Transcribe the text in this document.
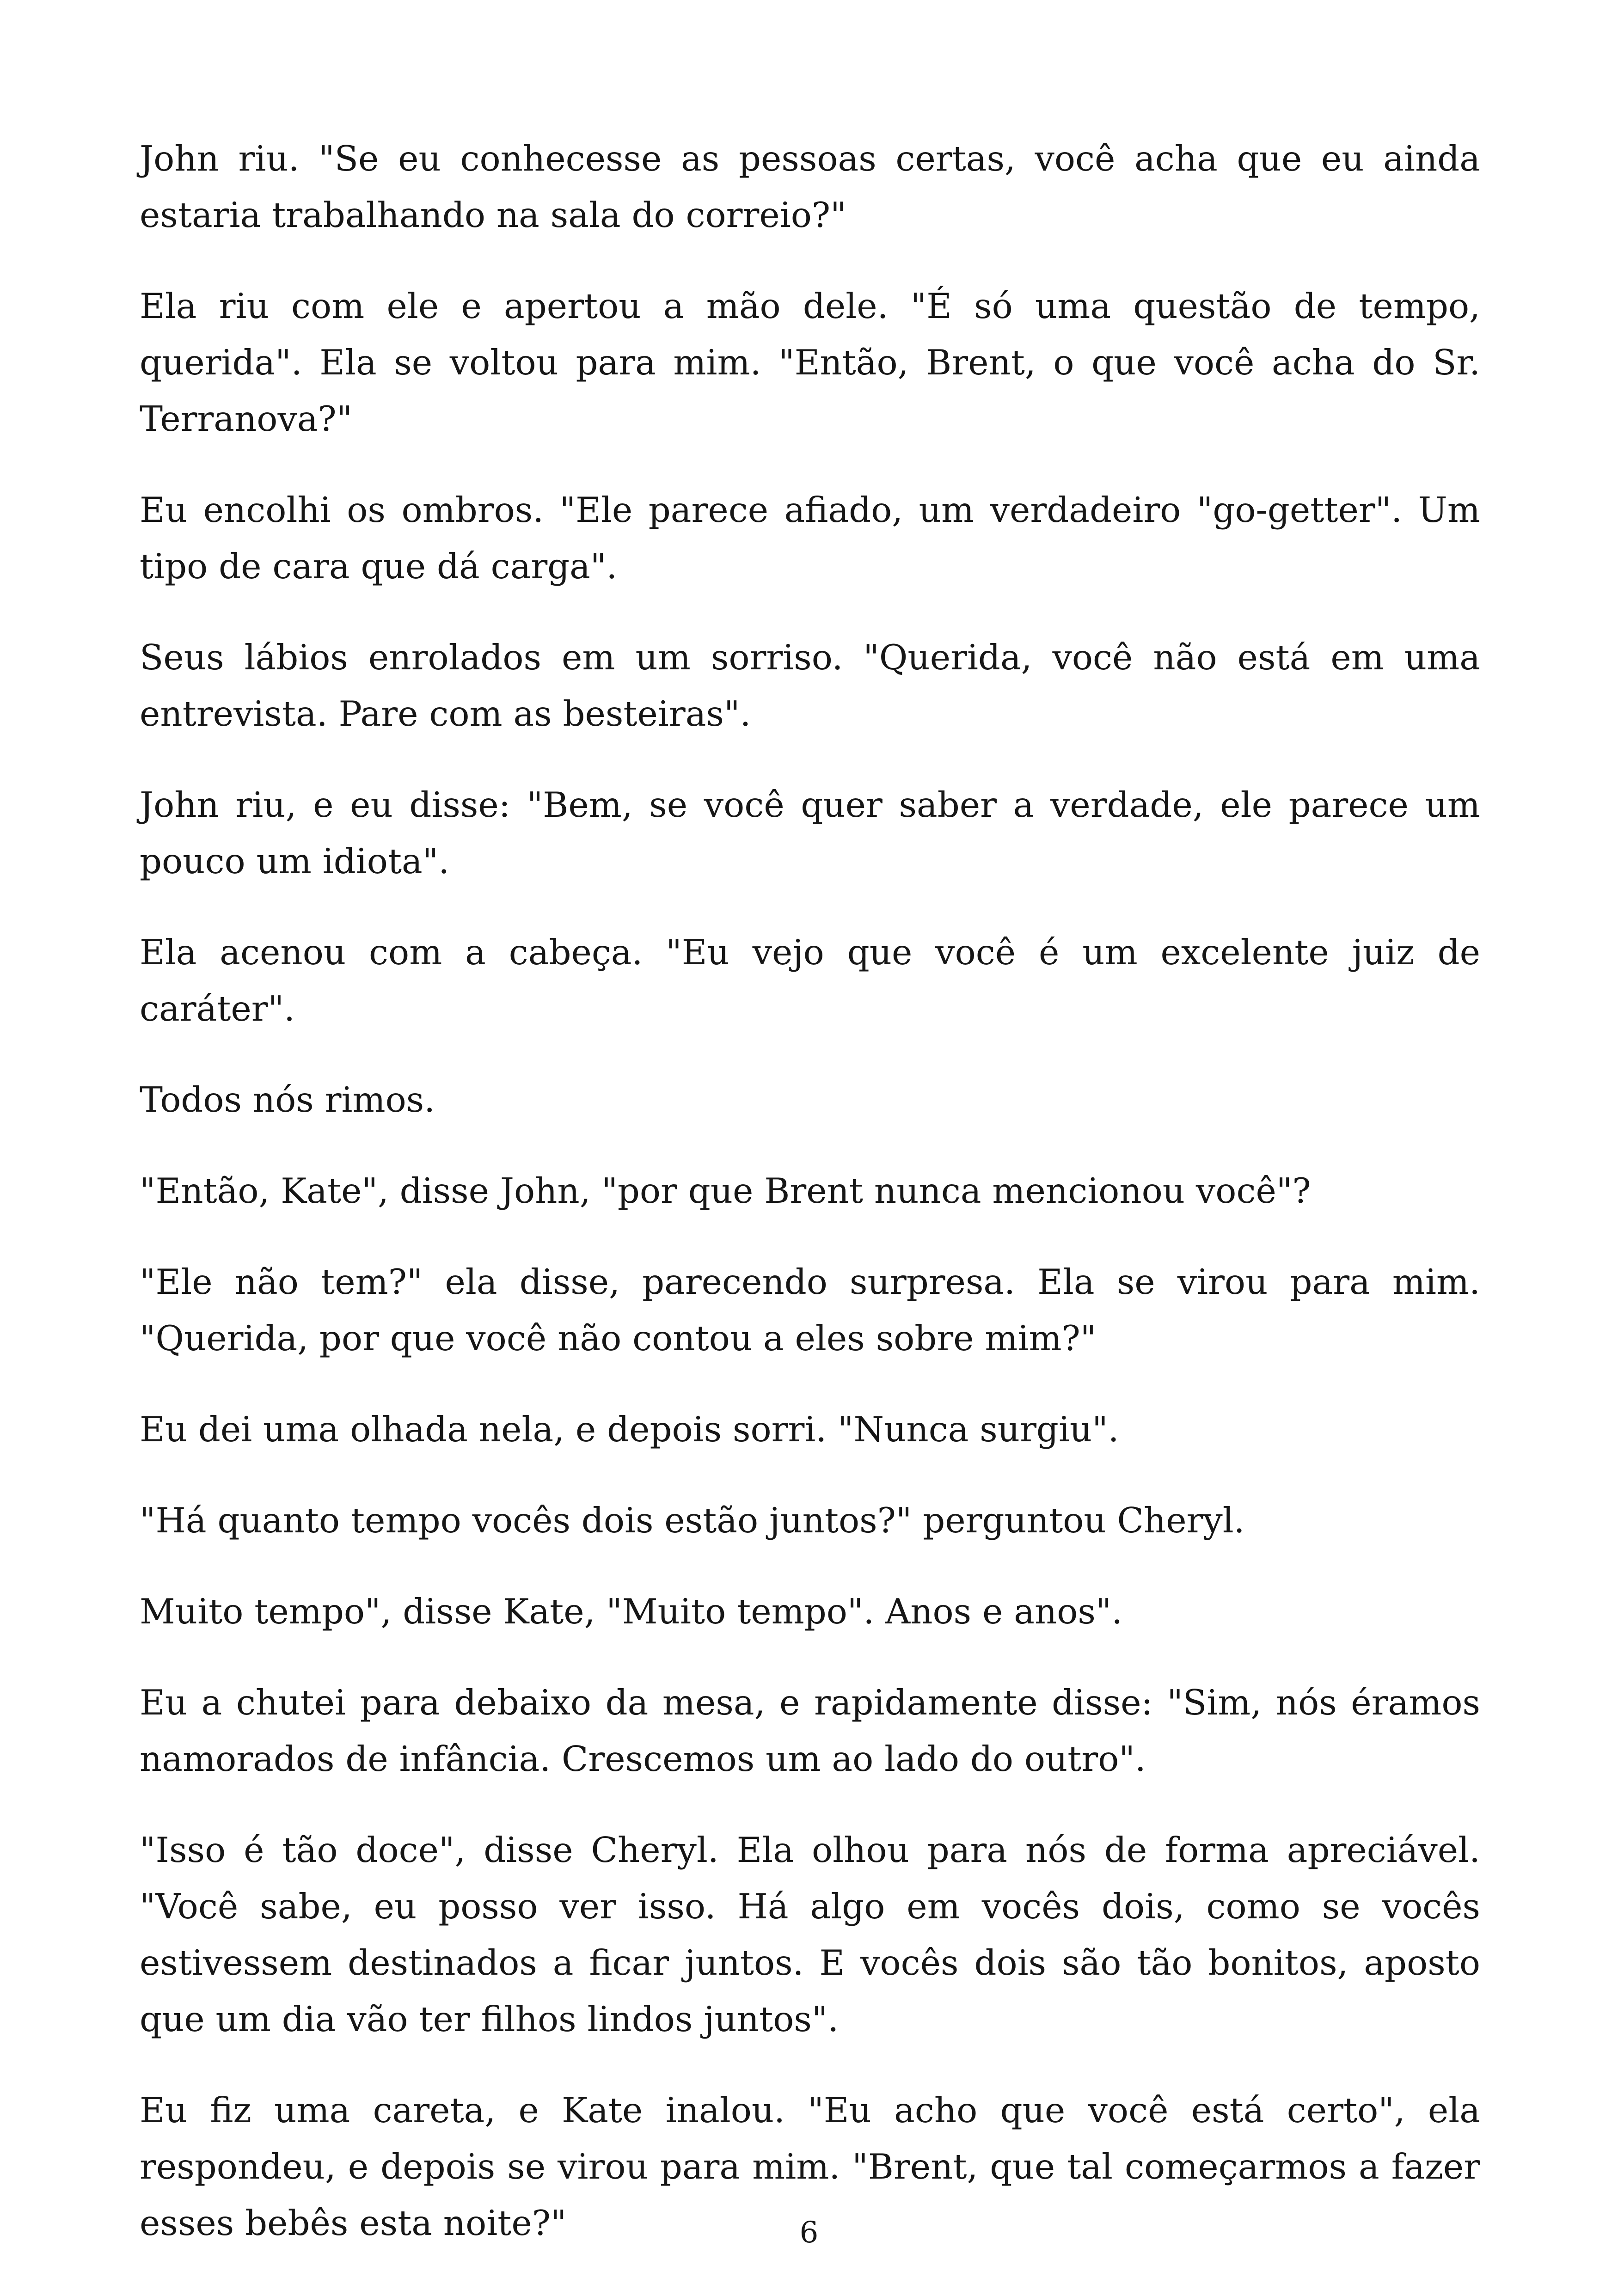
John riu. "Se eu conhecesse as pessoas certas, você acha que eu ainda estaria trabalhando na sala do correio?"

Ela riu com ele e apertou a mão dele. "É só uma questão de tempo, querida". Ela se voltou para mim. "Então, Brent, o que você acha do Sr. Terranova?"

Eu encolhi os ombros. "Ele parece afiado, um verdadeiro "go-getter". Um tipo de cara que dá carga".

Seus lábios enrolados em um sorriso. "Querida, você não está em uma entrevista. Pare com as besteiras".

John riu, e eu disse: "Bem, se você quer saber a verdade, ele parece um pouco um idiota".

Ela acenou com a cabeça. "Eu vejo que você é um excelente juiz de caráter".

Todos nós rimos.

"Então, Kate", disse John, "por que Brent nunca mencionou você"?

"Ele não tem?" ela disse, parecendo surpresa. Ela se virou para mim. "Querida, por que você não contou a eles sobre mim?"

Eu dei uma olhada nela, e depois sorri. "Nunca surgiu".

"Há quanto tempo vocês dois estão juntos?" perguntou Cheryl.

Muito tempo", disse Kate, "Muito tempo". Anos e anos".

Eu a chutei para debaixo da mesa, e rapidamente disse: "Sim, nós éramos namorados de infância. Crescemos um ao lado do outro".

"Isso é tão doce", disse Cheryl. Ela olhou para nós de forma apreciável. "Você sabe, eu posso ver isso. Há algo em vocês dois, como se vocês estivessem destinados a ficar juntos. E vocês dois são tão bonitos, aposto que um dia vão ter filhos lindos juntos".

Eu fiz uma careta, e Kate inalou. "Eu acho que você está certo", ela respondeu, e depois se virou para mim. "Brent, que tal começarmos a fazer esses bebês esta noite?"	6
